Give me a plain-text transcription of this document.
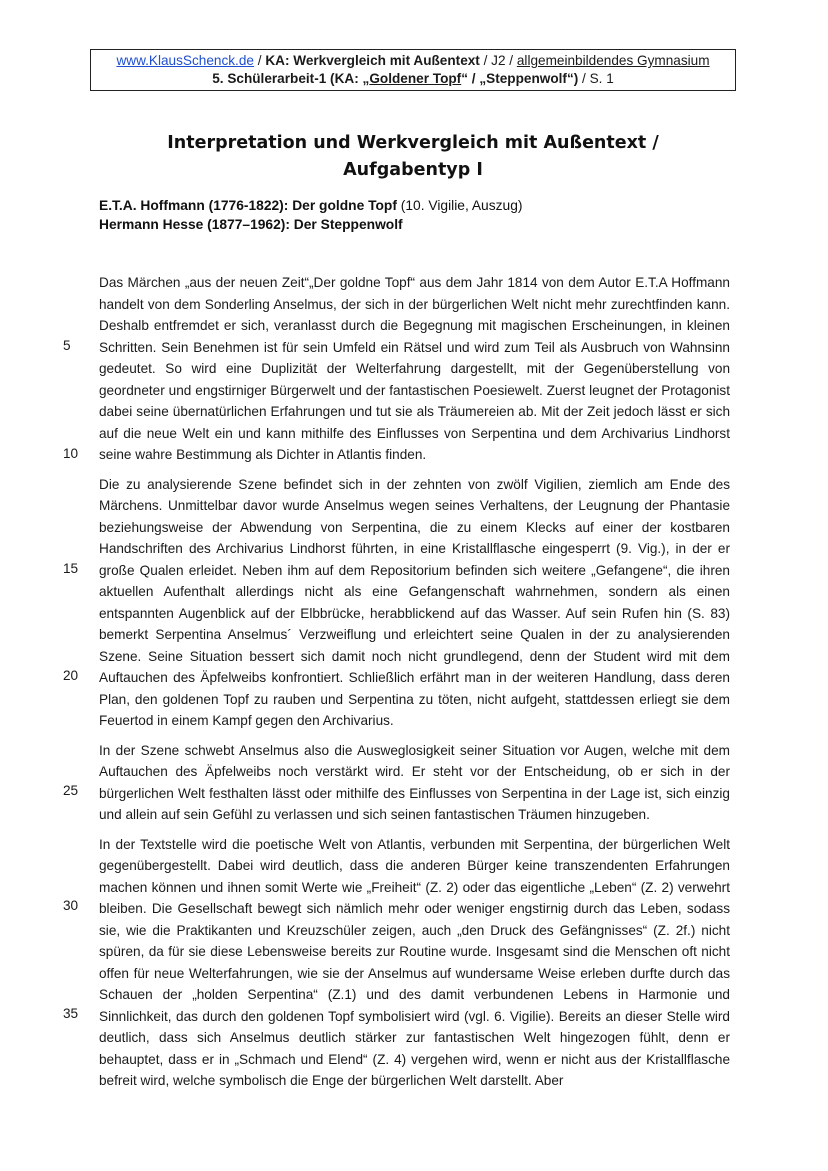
www.KlausSchenck.de / KA: Werkvergleich mit Außentext / J2 / allgemeinbildendes Gymnasium
5. Schülerarbeit-1 (KA: „Goldener Topf“ / „Steppenwolf“) / S. 1
Interpretation und Werkvergleich mit Außentext /
Aufgabentyp I
E.T.A. Hoffmann (1776-1822): Der goldne Topf (10. Vigilie, Auszug)
Hermann Hesse (1877–1962): Der Steppenwolf

Das Märchen „aus der neuen Zeit“„Der goldne Topf“ aus dem Jahr 1814 von dem Autor E.T.A Hoffmann handelt von dem Sonderling Anselmus, der sich in der bürgerlichen Welt nicht mehr zurechtfinden kann. Deshalb entfremdet er sich, veranlasst durch die Begegnung mit magischen Erscheinungen, in kleinen Schritten. Sein Benehmen ist für sein Umfeld ein Rätsel und wird zum Teil als Ausbruch von Wahnsinn gedeutet. So wird eine Duplizität der Welterfahrung dargestellt, mit der Gegenüberstellung von geordneter und engstirniger Bürgerwelt und der fantastischen Poesiewelt. Zuerst leugnet der Protagonist dabei seine übernatürlichen Erfahrungen und tut sie als Träumereien ab. Mit der Zeit jedoch lässt er sich auf die neue Welt ein und kann mithilfe des Einflusses von Serpentina und dem Archivarius Lindhorst seine wahre Bestimmung als Dichter in Atlantis finden.

Die zu analysierende Szene befindet sich in der zehnten von zwölf Vigilien, ziemlich am Ende des Märchens. Unmittelbar davor wurde Anselmus wegen seines Verhaltens, der Leugnung der Phantasie beziehungsweise der Abwendung von Serpentina, die zu einem Klecks auf einer der kostbaren Handschriften des Archivarius Lindhorst führten, in eine Kristallflasche eingesperrt (9. Vig.), in der er große Qualen erleidet. Neben ihm auf dem Repositorium befinden sich weitere „Gefangene“, die ihren aktuellen Aufenthalt allerdings nicht als eine Gefangenschaft wahrnehmen, sondern als einen entspannten Augenblick auf der Elbbrücke, herabblickend auf das Wasser. Auf sein Rufen hin (S. 83) bemerkt Serpentina Anselmus´ Verzweiflung und erleichtert seine Qualen in der zu analysierenden Szene. Seine Situation bessert sich damit noch nicht grundlegend, denn der Student wird mit dem Auftauchen des Äpfelweibs konfrontiert. Schließlich erfährt man in der weiteren Handlung, dass deren Plan, den goldenen Topf zu rauben und Serpentina zu töten, nicht aufgeht, stattdessen erliegt sie dem Feuertod in einem Kampf gegen den Archivarius.

In der Szene schwebt Anselmus also die Ausweglosigkeit seiner Situation vor Augen, welche mit dem Auftauchen des Äpfelweibs noch verstärkt wird. Er steht vor der Entscheidung, ob er sich in der bürgerlichen Welt festhalten lässt oder mithilfe des Einflusses von Serpentina in der Lage ist, sich einzig und allein auf sein Gefühl zu verlassen und sich seinen fantastischen Träumen hinzugeben.

In der Textstelle wird die poetische Welt von Atlantis, verbunden mit Serpentina, der bürgerlichen Welt gegenübergestellt. Dabei wird deutlich, dass die anderen Bürger keine transzendenten Erfahrungen machen können und ihnen somit Werte wie „Freiheit“ (Z. 2) oder das eigentliche „Leben“ (Z. 2) verwehrt bleiben. Die Gesellschaft bewegt sich nämlich mehr oder weniger engstirnig durch das Leben, sodass sie, wie die Praktikanten und Kreuzschüler zeigen, auch „den Druck des Gefängnisses“ (Z. 2f.) nicht spüren, da für sie diese Lebensweise bereits zur Routine wurde. Insgesamt sind die Menschen oft nicht offen für neue Welterfahrungen, wie sie der Anselmus auf wundersame Weise erleben durfte durch das Schauen der „holden Serpentina“ (Z.1) und des damit verbundenen Lebens in Harmonie und Sinnlichkeit, das durch den goldenen Topf symbolisiert wird (vgl. 6. Vigilie). Bereits an dieser Stelle wird deutlich, dass sich Anselmus deutlich stärker zur fantastischen Welt hingezogen fühlt, denn er behauptet, dass er in „Schmach und Elend“ (Z. 4) vergehen wird, wenn er nicht aus der Kristallflasche befreit wird, welche symbolisch die Enge der bürgerlichen Welt darstellt. Aber

5
10
15
20
25
30
35
